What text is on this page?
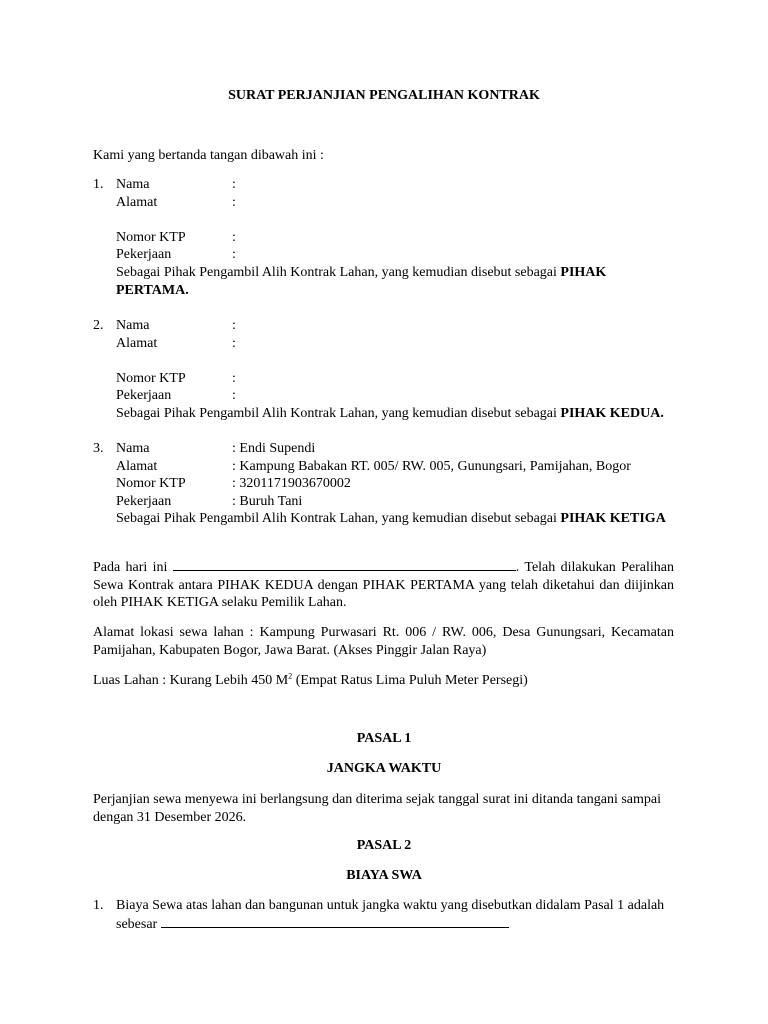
SURAT PERJANJIAN PENGALIHAN KONTRAK
Kami yang bertanda tangan dibawah ini :
1. Nama	:
Alamat	:
Nomor KTP	:
Pekerjaan	:
Sebagai Pihak Pengambil Alih Kontrak Lahan, yang kemudian disebut sebagai PIHAK PERTAMA.
2. Nama	:
Alamat	:
Nomor KTP	:
Pekerjaan	:
Sebagai Pihak Pengambil Alih Kontrak Lahan, yang kemudian disebut sebagai PIHAK KEDUA.
3. Nama	: Endi Supendi
Alamat	: Kampung Babakan RT. 005/ RW. 005, Gunungsari, Pamijahan, Bogor
Nomor KTP	: 3201171903670002
Pekerjaan	: Buruh Tani
Sebagai Pihak Pengambil Alih Kontrak Lahan, yang kemudian disebut sebagai PIHAK KETIGA
Pada hari ini	. Telah dilakukan Peralihan Sewa Kontrak antara PIHAK KEDUA dengan PIHAK PERTAMA yang telah diketahui dan diijinkan oleh PIHAK KETIGA selaku Pemilik Lahan.
Alamat lokasi sewa lahan : Kampung Purwasari Rt. 006 / RW. 006, Desa Gunungsari, Kecamatan Pamijahan, Kabupaten Bogor, Jawa Barat. (Akses Pinggir Jalan Raya)
Luas Lahan : Kurang Lebih 450 $M^2$ (Empat Ratus Lima Puluh Meter Persegi)
PASAL 1
JANGKA WAKTU
Perjanjian sewa menyewa ini berlangsung dan diterima sejak tanggal surat ini ditanda tangani sampai dengan 31 Desember 2026.
PASAL 2
BIAYA SWA
1. Biaya Sewa atas lahan dan bangunan untuk jangka waktu yang disebutkan didalam Pasal 1 adalah
sebesar
